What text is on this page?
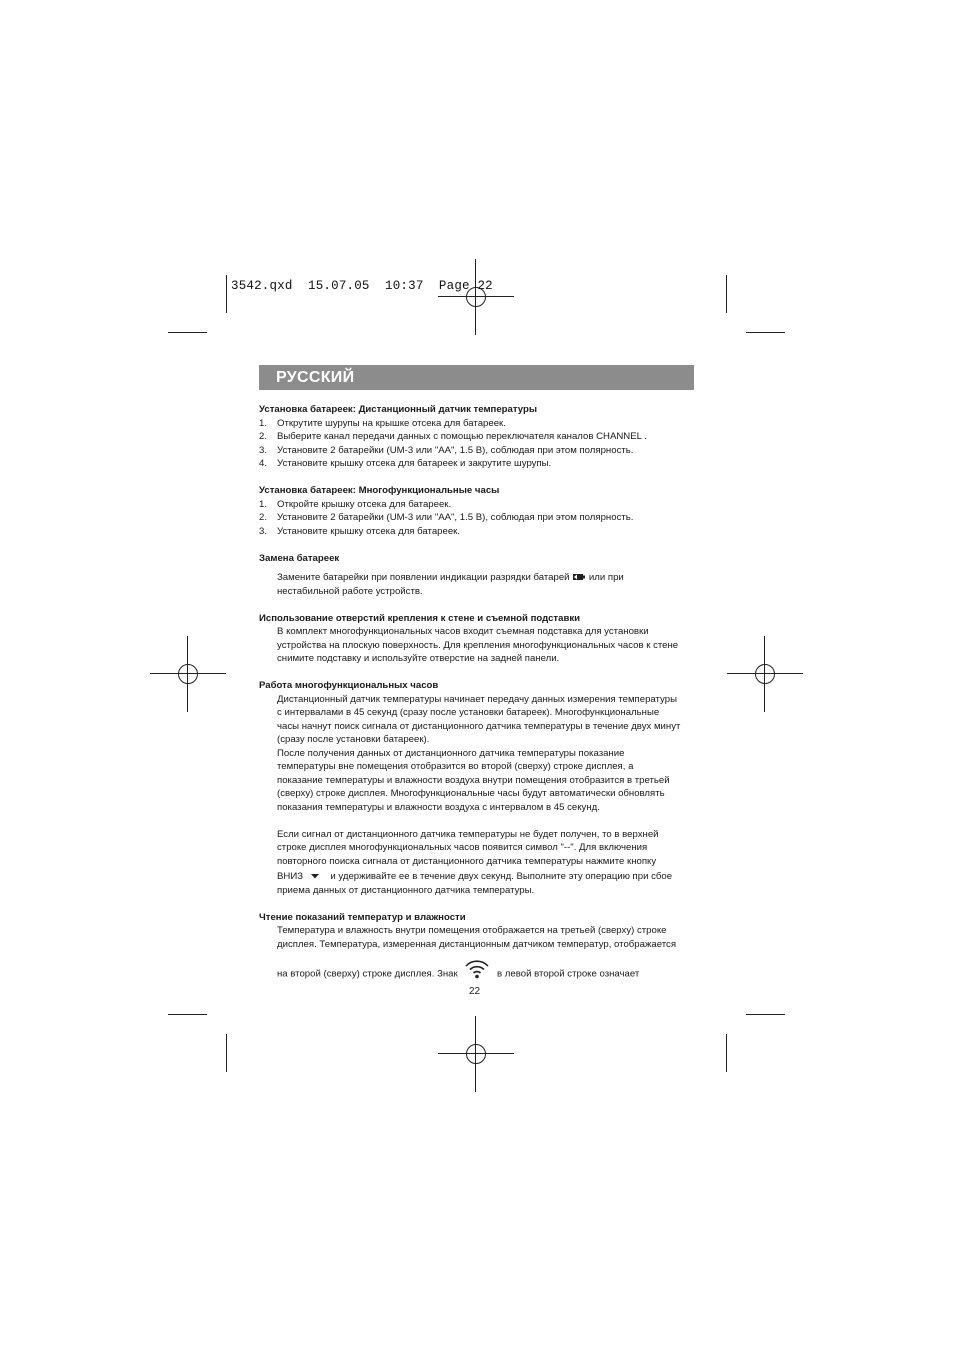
3542.qxd  15.07.05  10:37  Page 22
РУССКИЙ

Установка батареек: Дистанционный датчик температуры

1.	Открутите шурупы на крышке отсека для батареек.
2.	Выберите канал передачи данных с помощью переключателя каналов CHANNEL .
3.	Установите 2 батарейки (UM-3 или "AA", 1.5 В), соблюдая при этом полярность.
4.	Установите крышку отсека для батареек и закрутите шурупы.

Установка батареек: Многофункциональные часы

1.	Откройте крышку отсека для батареек.
2.	Установите 2 батарейки (UM-3 или "AA", 1.5 В), соблюдая при этом полярность.
3.	Установите крышку отсека для батареек.

Замена батареек

Замените батарейки при появлении индикации разрядки батарей или при

нестабильной работе устройств.

Использование отверстий крепления к стене и съемной подставки

В комплект многофункциональных часов входит съемная подставка для установки

устройства на плоскую поверхность. Для крепления многофункциональных часов к стене

снимите подставку и используйте отверстие на задней панели.

Работа многофункциональных часов

Дистанционный датчик температуры начинает передачу данных измерения температуры

с интервалами в 45 секунд (сразу после установки батареек). Многофункциональные

часы начнут поиск сигнала от дистанционного датчика температуры в течение двух минут

(сразу после установки батареек).

После получения данных от дистанционного датчика температуры показание

температуры вне помещения отобразится во второй (сверху) строке дисплея, а

показание температуры и влажности воздуха внутри помещения отобразится в третьей

(сверху) строке дисплея. Многофункциональные часы будут автоматически обновлять

показания температуры и влажности воздуха с интервалом в 45 секунд.

Если сигнал от дистанционного датчика температуры не будет получен, то в верхней

строке дисплея многофункциональных часов появится символ "--". Для включения

повторного поиска сигнала от дистанционного датчика температуры нажмите кнопку

ВНИЗ	и удерживайте ее в течение двух секунд. Выполните эту операцию при сбое

приема данных от дистанционного датчика температуры.

Чтение показаний температур и влажности

Температура и влажность внутри помещения отображается на третьей (сверху) строке

дисплея. Температура, измеренная дистанционным датчиком температур, отображается

на второй (сверху) строке дисплея. Знак	в левой второй строке означает

22
